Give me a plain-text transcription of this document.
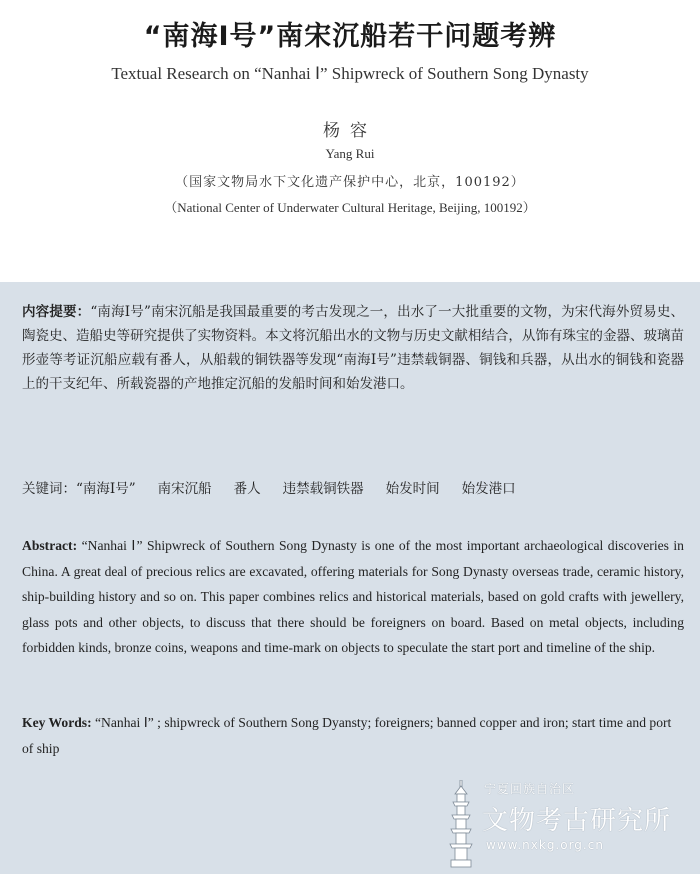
“南海Ⅰ号”南宋沉船若干问题考辨
Textual Research on “Nanhai Ⅰ” Shipwreck of Southern Song Dynasty
杨容
Yang Rui
（国家文物局水下文化遗产保护中心，北京，100192）
（National Center of Underwater Cultural Heritage, Beijing, 100192）

内容提要：“南海Ⅰ号”南宋沉船是我国最重要的考古发现之一，出水了一大批重要的文物，为宋代海外贸易史、陶瓷史、造船史等研究提供了实物资料。本文将沉船出水的文物与历史文献相结合，从饰有珠宝的金器、玻璃苗形壶等考证沉船应载有番人，从船载的铜铁器等发现“南海Ⅰ号”违禁载铜器、铜钱和兵器，从出水的铜钱和瓷器上的干支纪年、所载瓷器的产地推定沉船的发船时间和始发港口。

关键词：“南海Ⅰ号” 南宋沉船 番人 违禁载铜铁器 始发时间 始发港口

Abstract: “Nanhai Ⅰ” Shipwreck of Southern Song Dynasty is one of the most important archaeological discoveries in China. A great deal of precious relics are excavated, offering materials for Song Dynasty overseas trade, ceramic history, ship-building history and so on. This paper combines relics and historical materials, based on gold crafts with jewellery, glass pots and other objects, to discuss that there should be foreigners on board. Based on metal objects, including forbidden kinds, bronze coins, weapons and time-mark on objects to speculate the start port and timeline of the ship.

Key Words: “Nanhai Ⅰ” ; shipwreck of Southern Song Dyansty; foreigners; banned copper and iron; start time and port of ship

宁夏回族自治区
文物考古研究所
www.nxkg.org.cn
